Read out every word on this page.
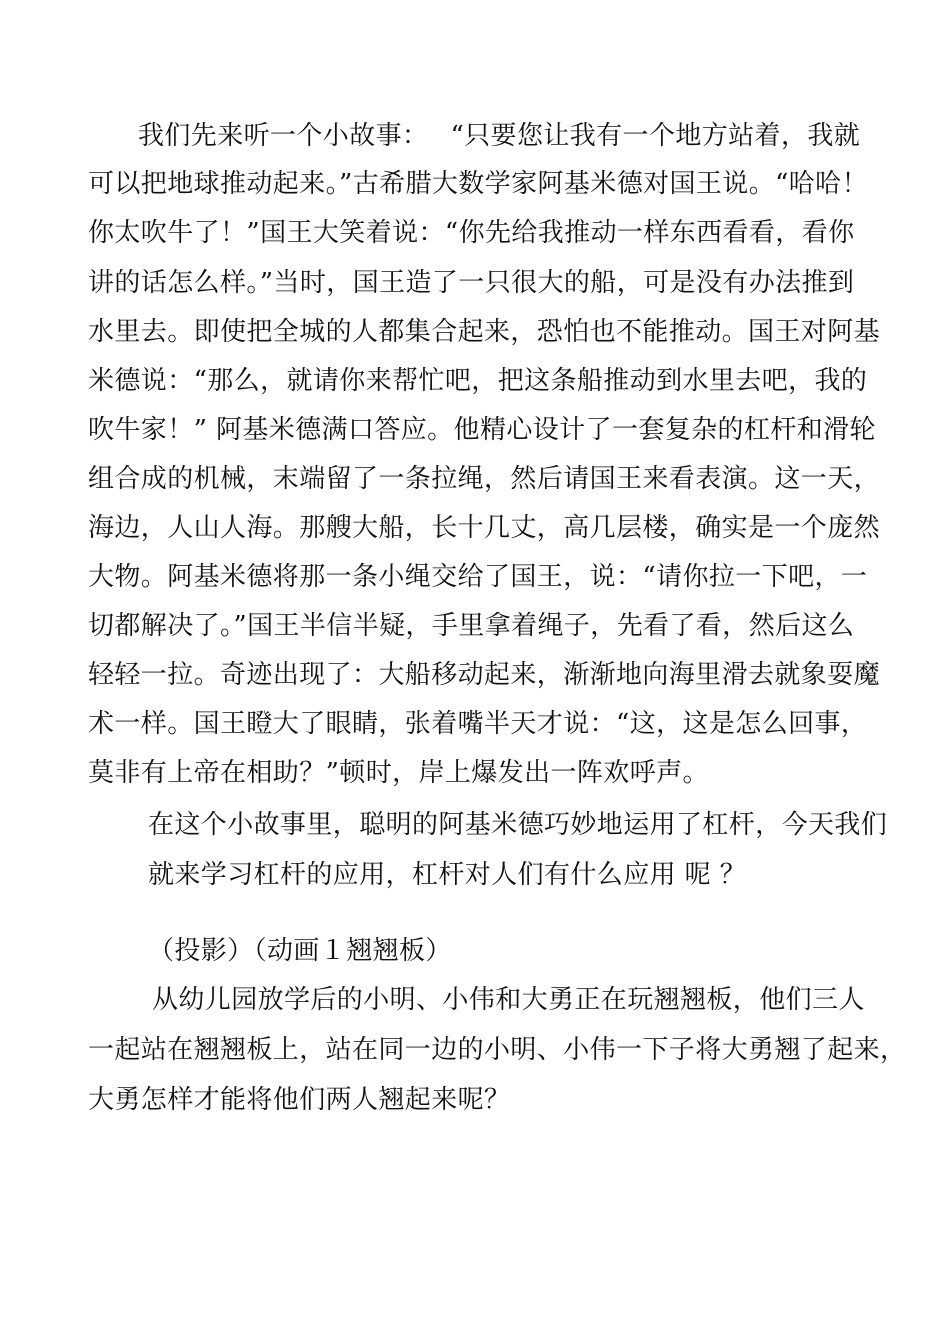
我们先来听一个小故事：　 “只要您让我有一个地方站着，我就
可以把地球推动起来。”古希腊大数学家阿基米德对国王说。“哈哈！
你太吹牛了！”国王大笑着说：“你先给我推动一样东西看看，看你
讲的话怎么样。”当时，国王造了一只很大的船，可是没有办法推到
水里去。即使把全城的人都集合起来，恐怕也不能推动。国王对阿基
米德说：“那么，就请你来帮忙吧，把这条船推动到水里去吧，我的
吹牛家！” 阿基米德满口答应。他精心设计了一套复杂的杠杆和滑轮
组合成的机械，末端留了一条拉绳，然后请国王来看表演。这一天，
海边，人山人海。那艘大船，长十几丈，高几层楼，确实是一个庞然
大物。阿基米德将那一条小绳交给了国王，说：“请你拉一下吧，一
切都解决了。”国王半信半疑，手里拿着绳子，先看了看，然后这么
轻轻一拉。奇迹出现了：大船移动起来，渐渐地向海里滑去就象耍魔
术一样。国王瞪大了眼睛，张着嘴半天才说：“这，这是怎么回事，
莫非有上帝在相助？”顿时，岸上爆发出一阵欢呼声。
在这个小故事里，聪明的阿基米德巧妙地运用了杠杆，今天我们
就来学习杠杆的应用，杠杆对人们有什么应用 呢 ？
（投影）（动画１翘翘板）
从幼儿园放学后的小明、小伟和大勇正在玩翘翘板，他们三人
一起站在翘翘板上，站在同一边的小明、小伟一下子将大勇翘了起来，
大勇怎样才能将他们两人翘起来呢？
